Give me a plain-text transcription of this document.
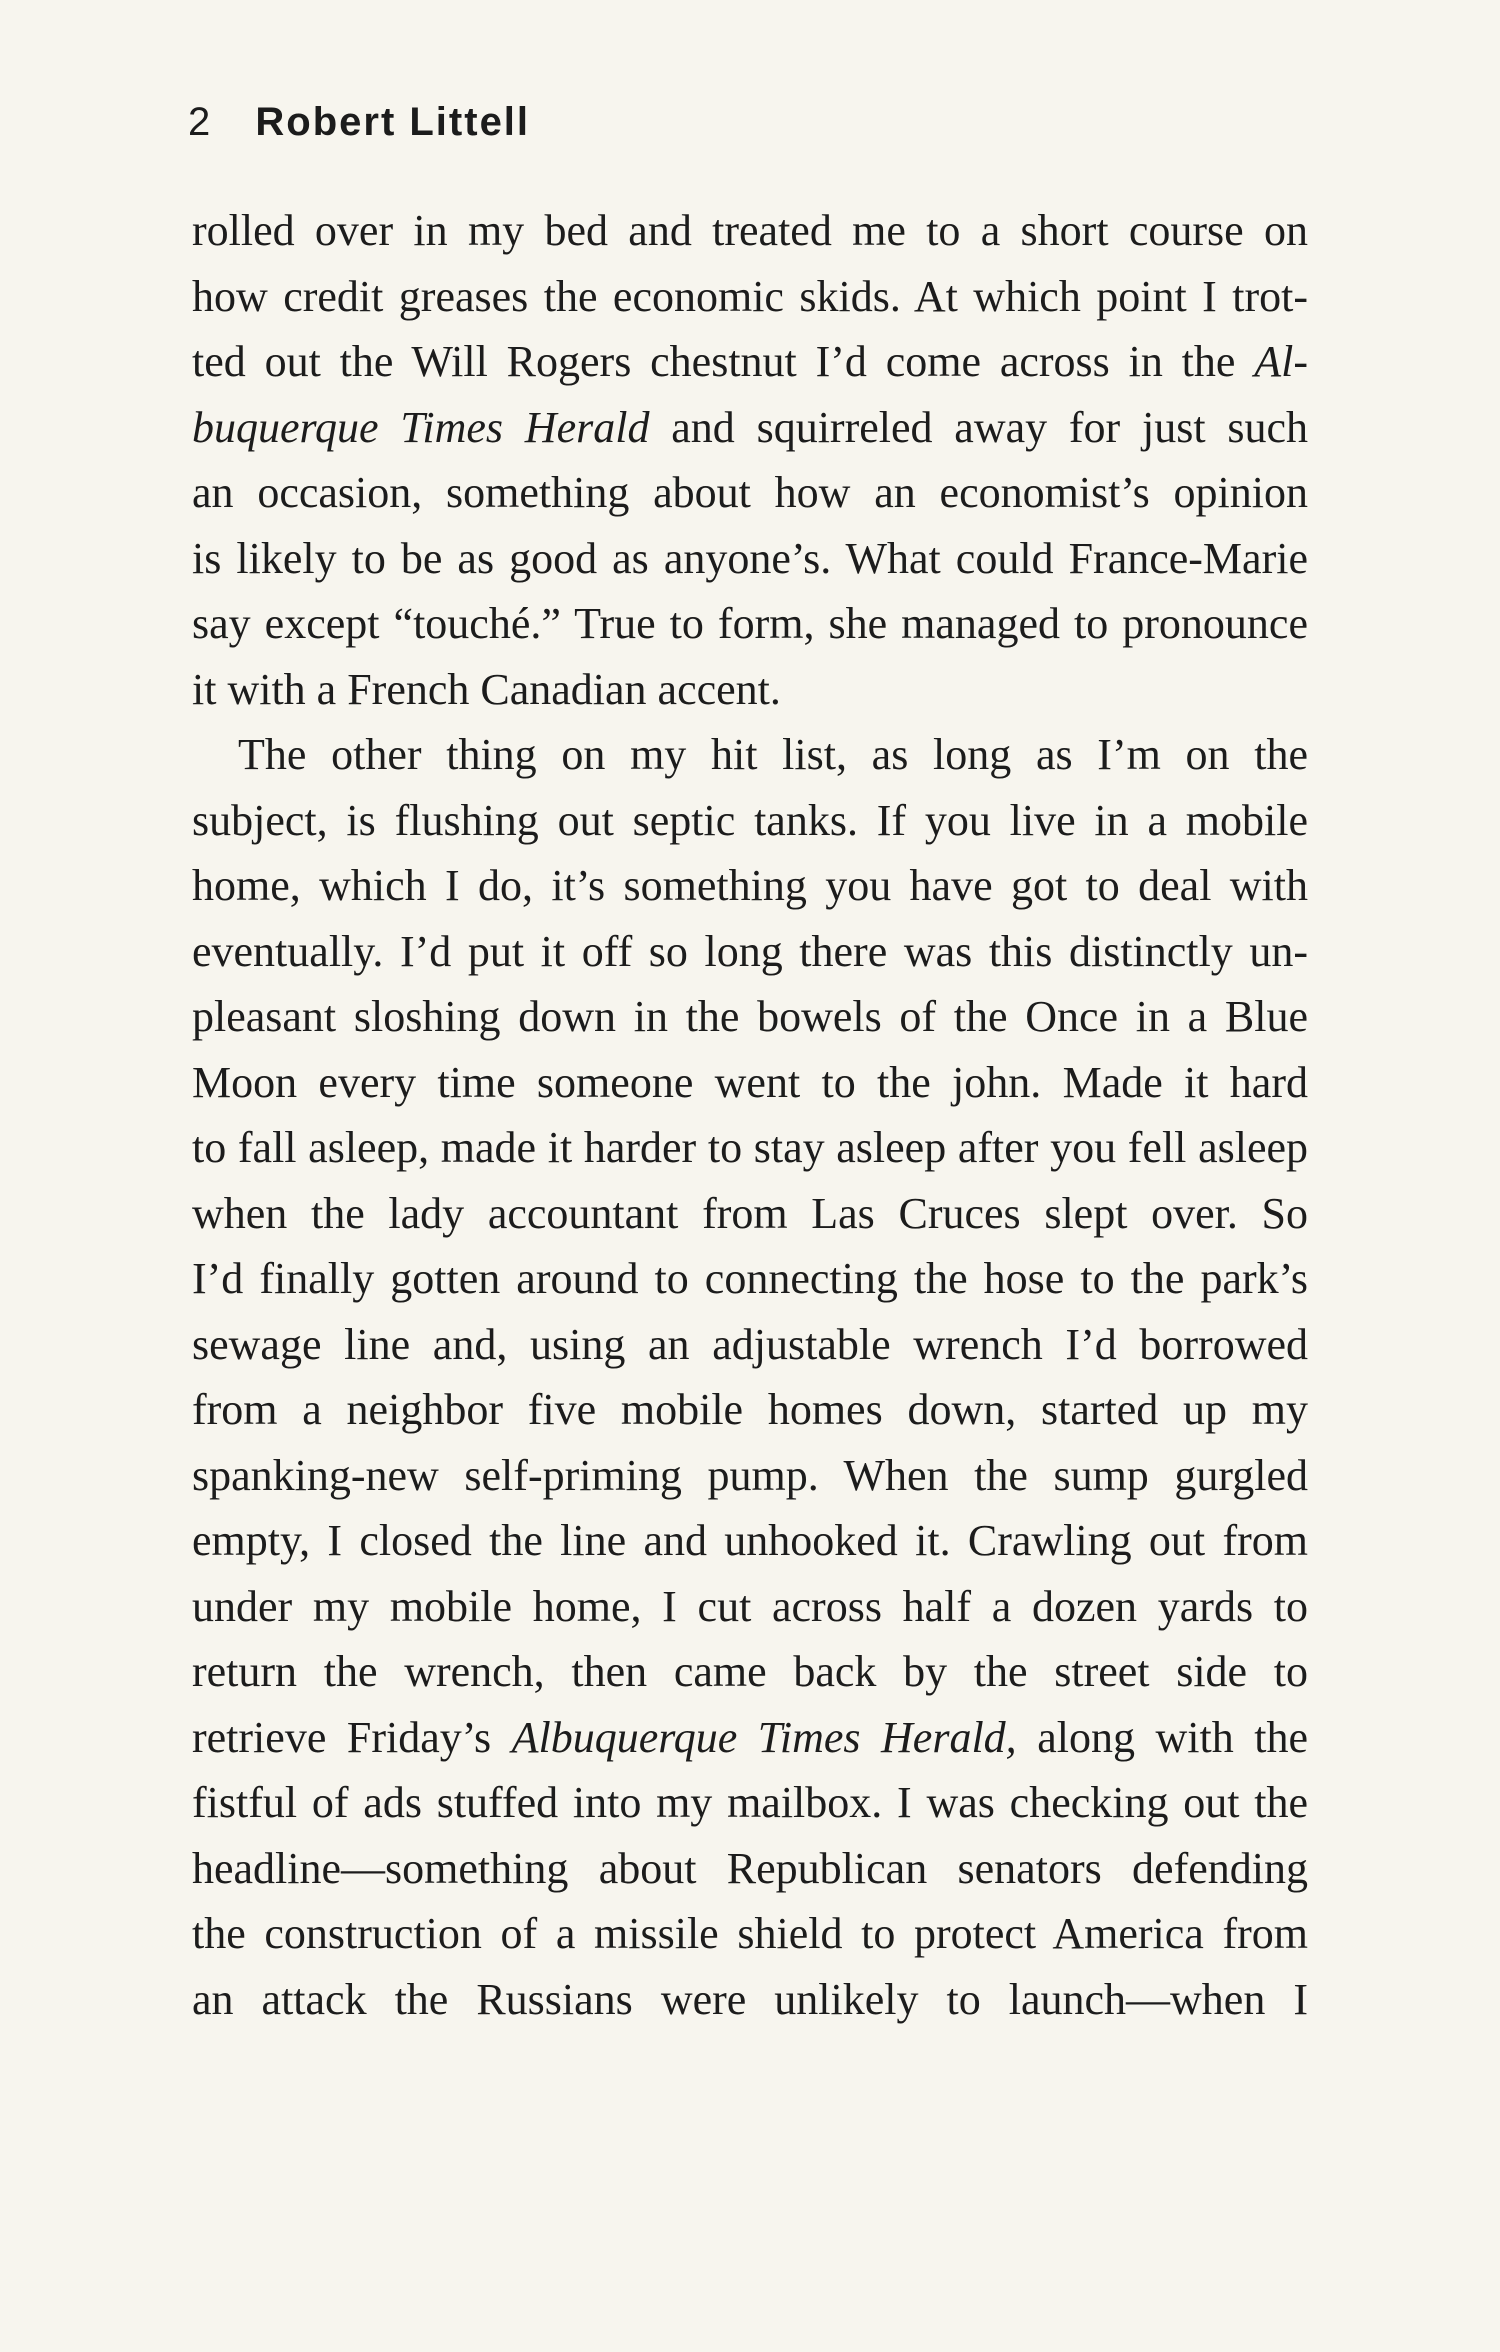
2 Robert Littell
rolled over in my bed and treated me to a short course on
how credit greases the economic skids. At which point I trot-
ted out the Will Rogers chestnut I’d come across in the Al-
buquerque Times Herald and squirreled away for just such
an occasion, something about how an economist’s opinion
is likely to be as good as anyone’s. What could France-Marie
say except “touché.” True to form, she managed to pronounce
it with a French Canadian accent.
The other thing on my hit list, as long as I’m on the
subject, is flushing out septic tanks. If you live in a mobile
home, which I do, it’s something you have got to deal with
eventually. I’d put it off so long there was this distinctly un-
pleasant sloshing down in the bowels of the Once in a Blue
Moon every time someone went to the john. Made it hard
to fall asleep, made it harder to stay asleep after you fell asleep
when the lady accountant from Las Cruces slept over. So
I’d finally gotten around to connecting the hose to the park’s
sewage line and, using an adjustable wrench I’d borrowed
from a neighbor five mobile homes down, started up my
spanking-new self-priming pump. When the sump gurgled
empty, I closed the line and unhooked it. Crawling out from
under my mobile home, I cut across half a dozen yards to
return the wrench, then came back by the street side to
retrieve Friday’s Albuquerque Times Herald, along with the
fistful of ads stuffed into my mailbox. I was checking out the
headline—something about Republican senators defending
the construction of a missile shield to protect America from
an attack the Russians were unlikely to launch—when I
